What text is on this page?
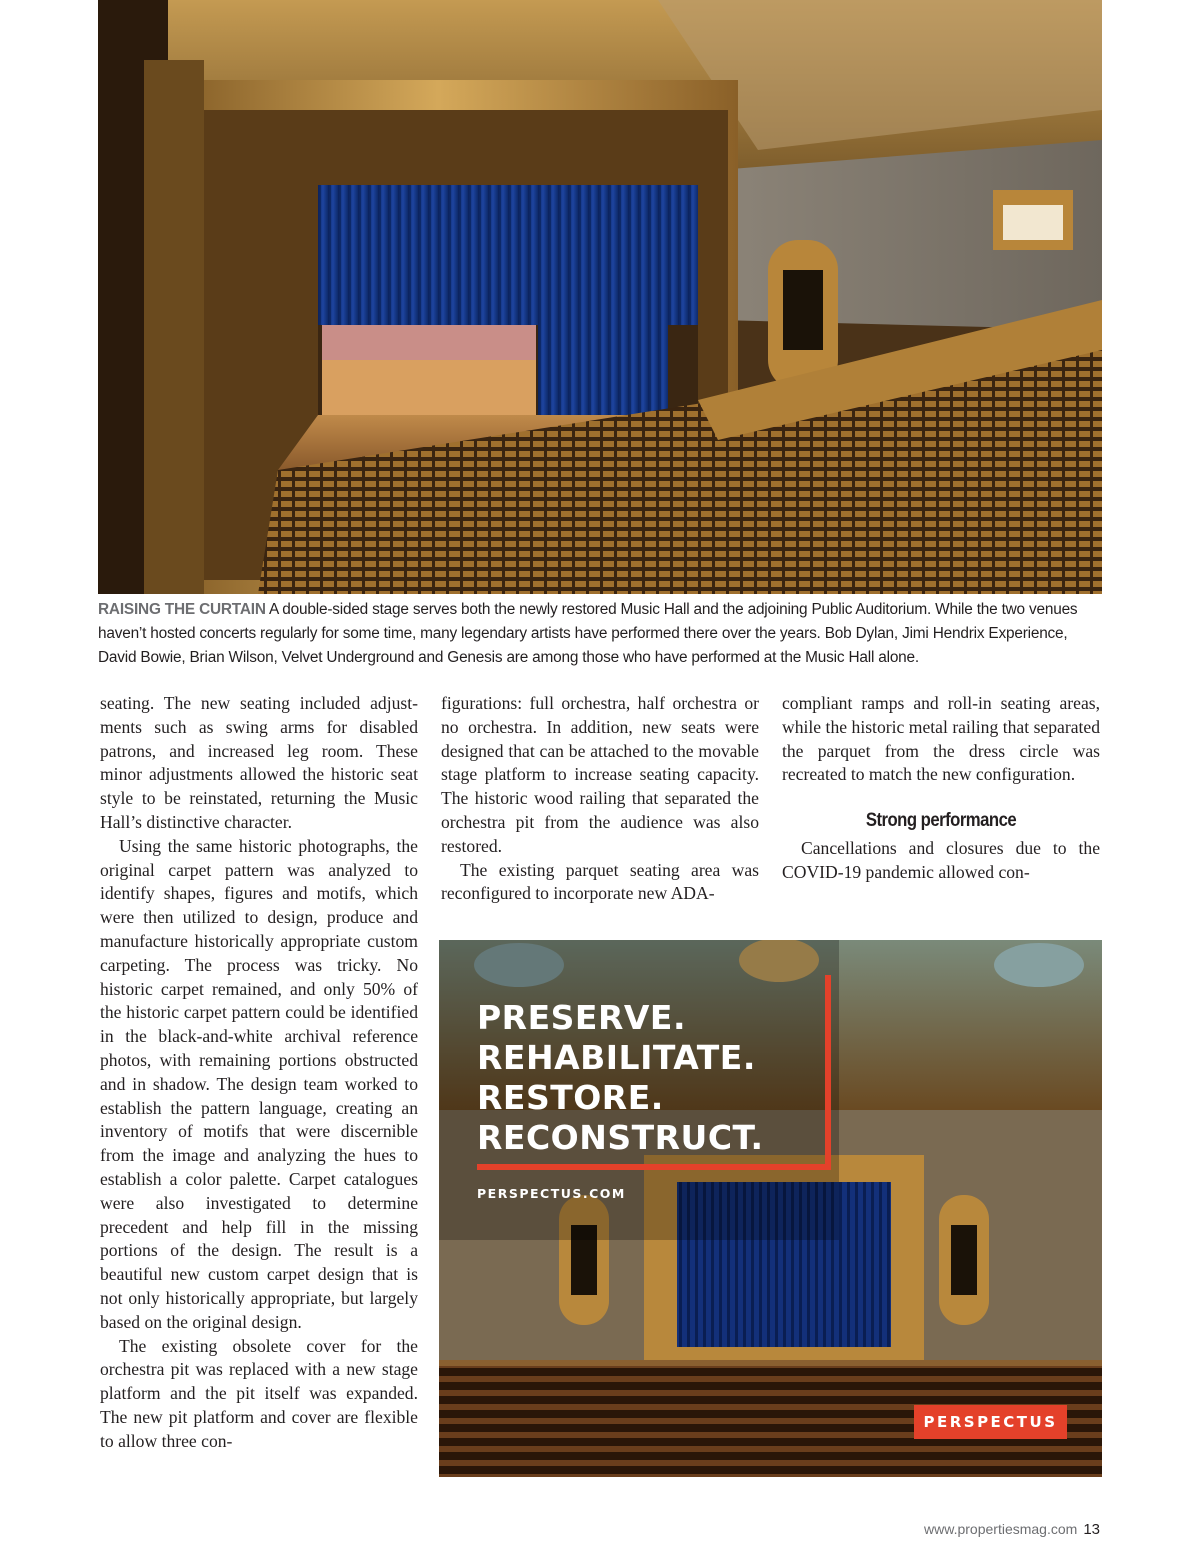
RAISING THE CURTAIN A double-sided stage serves both the newly restored Music Hall and the adjoining Public Auditorium. While the two venues haven’t hosted concerts regularly for some time, many legendary artists have performed there over the years. Bob Dylan, Jimi Hendrix Experience, David Bowie, Brian Wilson, Velvet Underground and Genesis are among those who have performed at the Music Hall alone.

seating. The new seating included adjustments such as swing arms for disabled patrons, and increased leg room. These minor adjustments allowed the historic seat style to be reinstated, returning the Music Hall’s distinctive character.

Using the same historic photographs, the original carpet pattern was analyzed to identify shapes, figures and motifs, which were then utilized to design, produce and manufacture historically appropriate custom carpeting. The process was tricky. No historic carpet remained, and only 50% of the historic carpet pattern could be identified in the black-and-white archival reference photos, with remaining portions obstructed and in shadow. The design team worked to establish the pattern language, creating an inventory of motifs that were discernible from the image and analyzing the hues to establish a color palette. Carpet catalogues were also investigated to determine precedent and help fill in the missing portions of the design. The result is a beautiful new custom carpet design that is not only historically appropriate, but largely based on the original design.

The existing obsolete cover for the orchestra pit was replaced with a new stage platform and the pit itself was expanded. The new pit platform and cover are flexible to allow three con-

figurations: full orchestra, half orchestra or no orchestra. In addition, new seats were designed that can be attached to the movable stage platform to increase seating capacity. The historic wood railing that separated the orchestra pit from the audience was also restored.

The existing parquet seating area was reconfigured to incorporate new ADA-

compliant ramps and roll-in seating areas, while the historic metal railing that separated the parquet from the dress circle was recreated to match the new configuration.

Strong performance

Cancellations and closures due to the COVID-19 pandemic allowed con-

PRESERVE.
REHABILITATE.
RESTORE.
RECONSTRUCT.
PERSPECTUS.COM
PERSPECTUS
www.propertiesmag.com 13
